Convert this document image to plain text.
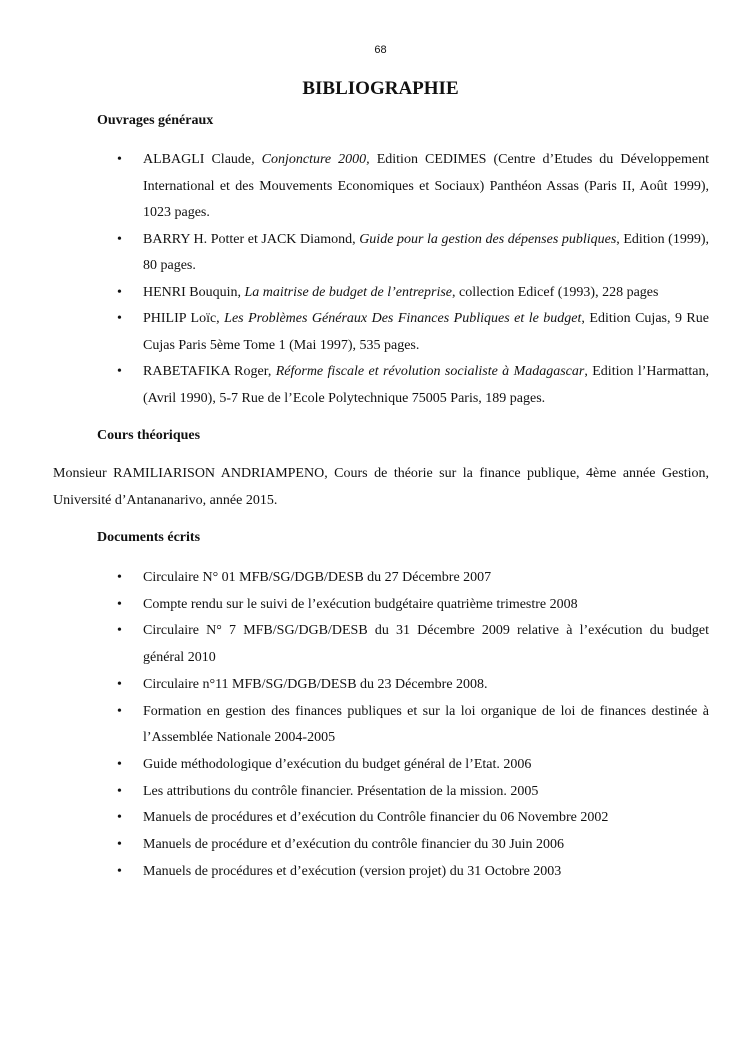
68
BIBLIOGRAPHIE
Ouvrages généraux
• ALBAGLI Claude, Conjoncture 2000, Edition CEDIMES (Centre d’Etudes du Développement International et des Mouvements Economiques et Sociaux) Panthéon Assas (Paris II, Août 1999), 1023 pages.
• BARRY H. Potter et JACK Diamond, Guide pour la gestion des dépenses publiques, Edition (1999), 80 pages.
• HENRI Bouquin, La maitrise de budget de l’entreprise, collection Edicef (1993), 228 pages
• PHILIP Loïc, Les Problèmes Généraux Des Finances Publiques et le budget, Edition Cujas, 9 Rue Cujas Paris 5ème Tome 1 (Mai 1997), 535 pages.
• RABETAFIKA Roger, Réforme fiscale et révolution socialiste à Madagascar, Edition l’Harmattan, (Avril 1990), 5-7 Rue de l’Ecole Polytechnique 75005 Paris, 189 pages.
Cours théoriques

Monsieur RAMILIARISON ANDRIAMPENO, Cours de théorie sur la finance publique, 4ème année Gestion, Université d’Antananarivo, année 2015.

Documents écrits
• Circulaire N° 01 MFB/SG/DGB/DESB du 27 Décembre 2007
• Compte rendu sur le suivi de l’exécution budgétaire quatrième trimestre 2008
• Circulaire N° 7 MFB/SG/DGB/DESB du 31 Décembre 2009 relative à l’exécution du budget général 2010
• Circulaire n°11 MFB/SG/DGB/DESB du 23 Décembre 2008.
• Formation en gestion des finances publiques et sur la loi organique de loi de finances destinée à l’Assemblée Nationale 2004-2005
• Guide méthodologique d’exécution du budget général de l’Etat. 2006
• Les attributions du contrôle financier. Présentation de la mission. 2005
• Manuels de procédures et d’exécution du Contrôle financier du 06 Novembre 2002
• Manuels de procédure et d’exécution du contrôle financier du 30 Juin 2006
• Manuels de procédures et d’exécution (version projet) du 31 Octobre 2003
